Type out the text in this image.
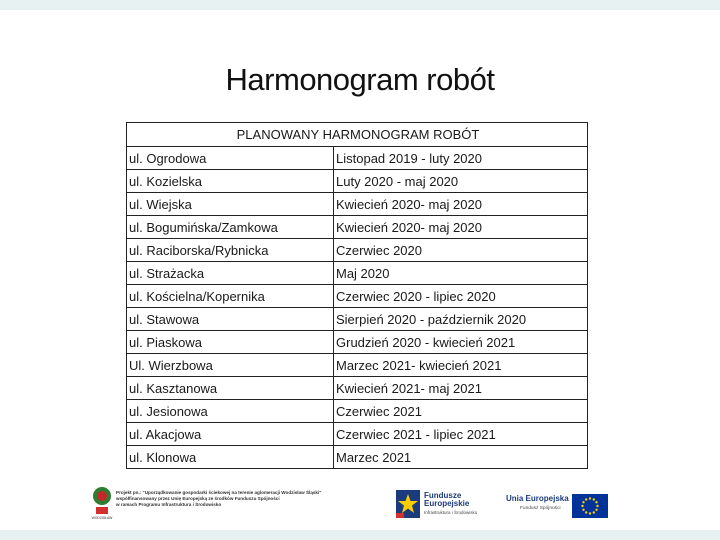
Harmonogram robót
PLANOWANY HARMONOGRAM ROBÓT	
ul. Ogrodowa	Listopad 2019 - luty 2020
ul. Kozielska	Luty 2020 - maj 2020
ul. Wiejska	Kwiecień 2020- maj 2020
ul. Bogumińska/Zamkowa	Kwiecień 2020- maj 2020
ul. Raciborska/Rybnicka	Czerwiec 2020
ul. Strażacka	Maj 2020
ul. Kościelna/Kopernika	Czerwiec 2020 - lipiec 2020
ul. Stawowa	Sierpień 2020 - październik 2020
ul. Piaskowa	Grudzień 2020 - kwiecień 2021
Ul. Wierzbowa	Marzec 2021- kwiecień 2021
ul. Kasztanowa	Kwiecień 2021- maj 2021
ul. Jesionowa	Czerwiec 2021
ul. Akacjowa	Czerwiec 2021 - lipiec 2021
ul. Klonowa	Marzec 2021
WODZISŁAW
Projekt pn.: "Uporządkowanie gospodarki ściekowej na terenie aglomeracji Wodzisław Śląski"
współfinansowany przez Unię Europejską ze środków Funduszu Spójności
w ramach Programu Infrastruktura i Środowisko
Fundusze
Europejskie
Infrastruktura i Środowisko
Unia Europejska
Fundusz Spójności
